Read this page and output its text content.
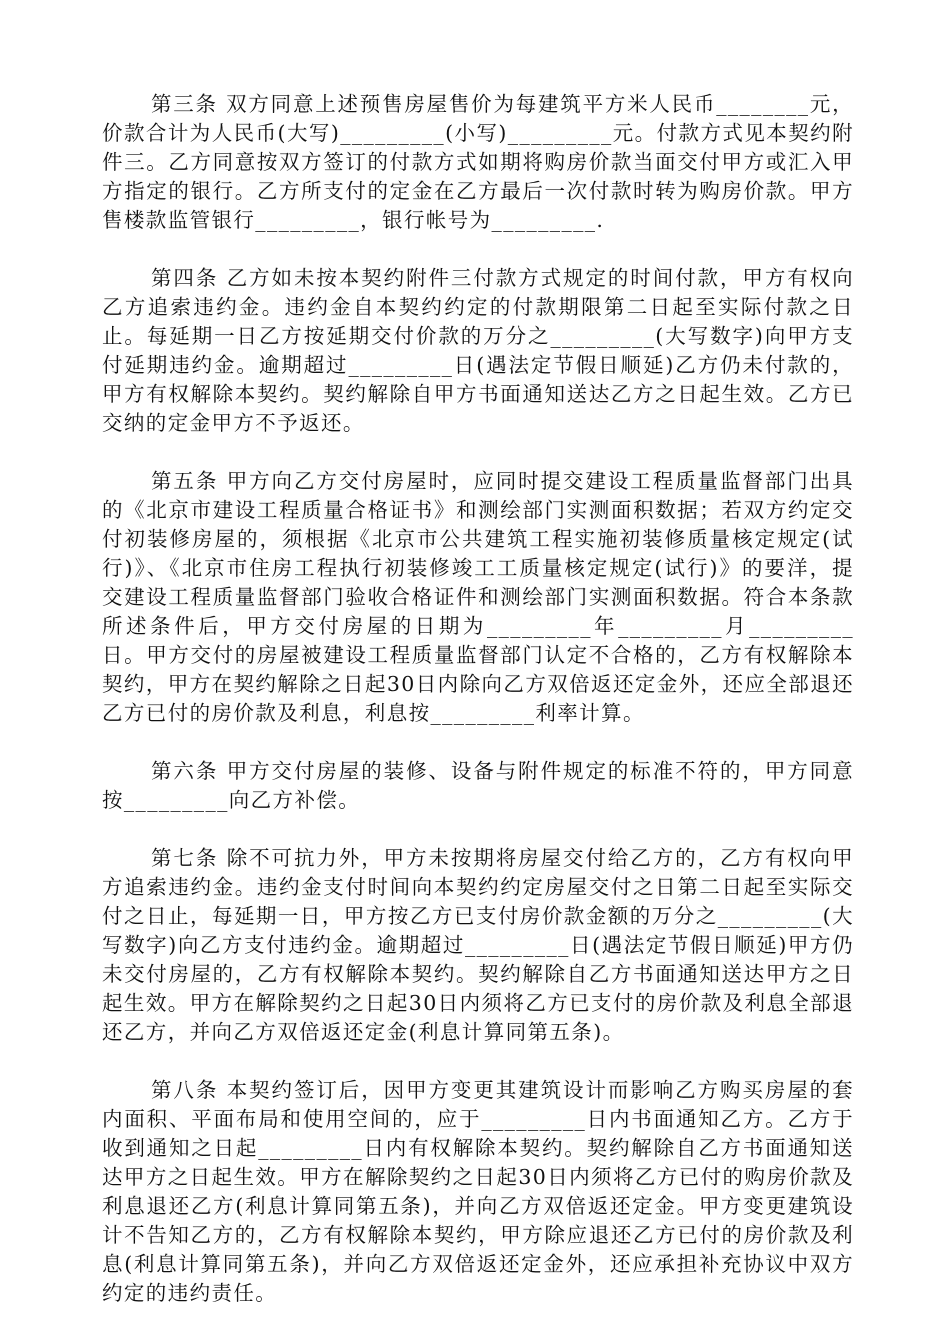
第三条 双方同意上述预售房屋售价为每建筑平方米人民币________元，价款合计为人民币(大写)_________(小写)_________元。付款方式见本契约附件三。乙方同意按双方签订的付款方式如期将购房价款当面交付甲方或汇入甲方指定的银行。乙方所支付的定金在乙方最后一次付款时转为购房价款。甲方售楼款监管银行_________，银行帐号为_________.

第四条 乙方如未按本契约附件三付款方式规定的时间付款，甲方有权向乙方追索违约金。违约金自本契约约定的付款期限第二日起至实际付款之日止。每延期一日乙方按延期交付价款的万分之_________(大写数字)向甲方支付延期违约金。逾期超过_________日(遇法定节假日顺延)乙方仍未付款的，甲方有权解除本契约。契约解除自甲方书面通知送达乙方之日起生效。乙方已交纳的定金甲方不予返还。

第五条 甲方向乙方交付房屋时，应同时提交建设工程质量监督部门出具的《北京市建设工程质量合格证书》和测绘部门实测面积数据；若双方约定交付初装修房屋的，须根据《北京市公共建筑工程实施初装修质量核定规定(试行)》、《北京市住房工程执行初装修竣工工质量核定规定(试行)》的要洋，提交建设工程质量监督部门验收合格证件和测绘部门实测面积数据。符合本条款所述条件后，甲方交付房屋的日期为_________年_________月_________日。甲方交付的房屋被建设工程质量监督部门认定不合格的，乙方有权解除本契约，甲方在契约解除之日起30日内除向乙方双倍返还定金外，还应全部退还乙方已付的房价款及利息，利息按_________利率计算。

第六条 甲方交付房屋的装修、设备与附件规定的标准不符的，甲方同意按_________向乙方补偿。

第七条 除不可抗力外，甲方未按期将房屋交付给乙方的，乙方有权向甲方追索违约金。违约金支付时间向本契约约定房屋交付之日第二日起至实际交付之日止，每延期一日，甲方按乙方已支付房价款金额的万分之_________(大写数字)向乙方支付违约金。逾期超过_________日(遇法定节假日顺延)甲方仍未交付房屋的，乙方有权解除本契约。契约解除自乙方书面通知送达甲方之日起生效。甲方在解除契约之日起30日内须将乙方已支付的房价款及利息全部退还乙方，并向乙方双倍返还定金(利息计算同第五条)。

第八条 本契约签订后，因甲方变更其建筑设计而影响乙方购买房屋的套内面积、平面布局和使用空间的，应于_________日内书面通知乙方。乙方于收到通知之日起_________日内有权解除本契约。契约解除自乙方书面通知送达甲方之日起生效。甲方在解除契约之日起30日内须将乙方已付的购房价款及利息退还乙方(利息计算同第五条)，并向乙方双倍返还定金。甲方变更建筑设计不告知乙方的，乙方有权解除本契约，甲方除应退还乙方已付的房价款及利息(利息计算同第五条)，并向乙方双倍返还定金外，还应承担补充协议中双方约定的违约责任。
